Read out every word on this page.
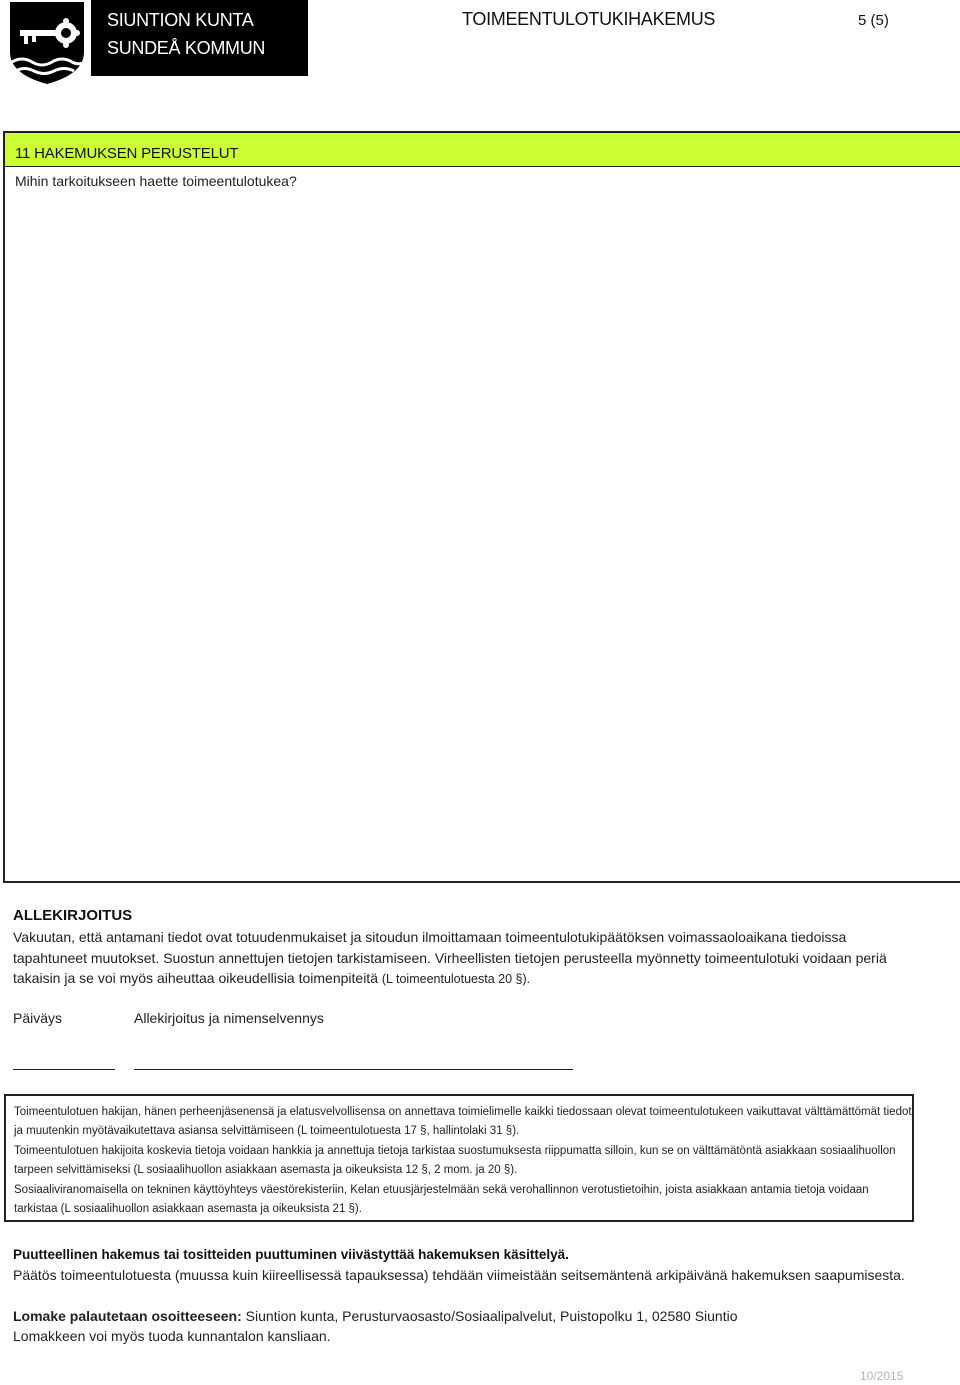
SIUNTION KUNTA
SUNDEÅ KOMMUN
TOIMEENTULOTUKIHAKEMUS	5 (5)
11 HAKEMUKSEN PERUSTELUT
Mihin tarkoitukseen haette toimeentulotukea?
ALLEKIRJOITUS
Vakuutan, että antamani tiedot ovat totuudenmukaiset ja sitoudun ilmoittamaan toimeentulotukipäätöksen voimassaoloaikana tiedoissa tapahtuneet muutokset. Suostun annettujen tietojen tarkistamiseen. Virheellisten tietojen perusteella myönnetty toimeentulotuki voidaan periä takaisin ja se voi myös aiheuttaa oikeudellisia toimenpiteitä (L toimeentulotuesta 20 §).
Päiväys	Allekirjoitus ja nimenselvennys

Toimeentulotuen hakijan, hänen perheenjäsenensä ja elatusvelvollisensa on annettava toimielimelle kaikki tiedossaan olevat toimeentulotukeen vaikuttavat välttämättömät tiedot ja muutenkin myötävaikutettava asiansa selvittämiseen (L toimeentulotuesta 17 §, hallintolaki 31 §).

Toimeentulotuen hakijoita koskevia tietoja voidaan hankkia ja annettuja tietoja tarkistaa suostumuksesta riippumatta silloin, kun se on välttämätöntä asiakkaan sosiaalihuollon tarpeen selvittämiseksi (L sosiaalihuollon asiakkaan asemasta ja oikeuksista 12 §, 2 mom. ja 20 §).

Sosiaaliviranomaisella on tekninen käyttöyhteys väestörekisteriin, Kelan etuusjärjestelmään sekä verohallinnon verotustietoihin, joista asiakkaan antamia tietoja voidaan tarkistaa (L sosiaalihuollon asiakkaan asemasta ja oikeuksista 21 §).

Puutteellinen hakemus tai tositteiden puuttuminen viivästyttää hakemuksen käsittelyä.
Päätös toimeentulotuesta (muussa kuin kiireellisessä tapauksessa) tehdään viimeistään seitsemäntenä arkipäivänä hakemuksen saapumisesta.
Lomake palautetaan osoitteeseen: Siuntion kunta, Perusturvaosasto/Sosiaalipalvelut, Puistopolku 1, 02580 Siuntio
Lomakkeen voi myös tuoda kunnantalon kansliaan.
10/2015
